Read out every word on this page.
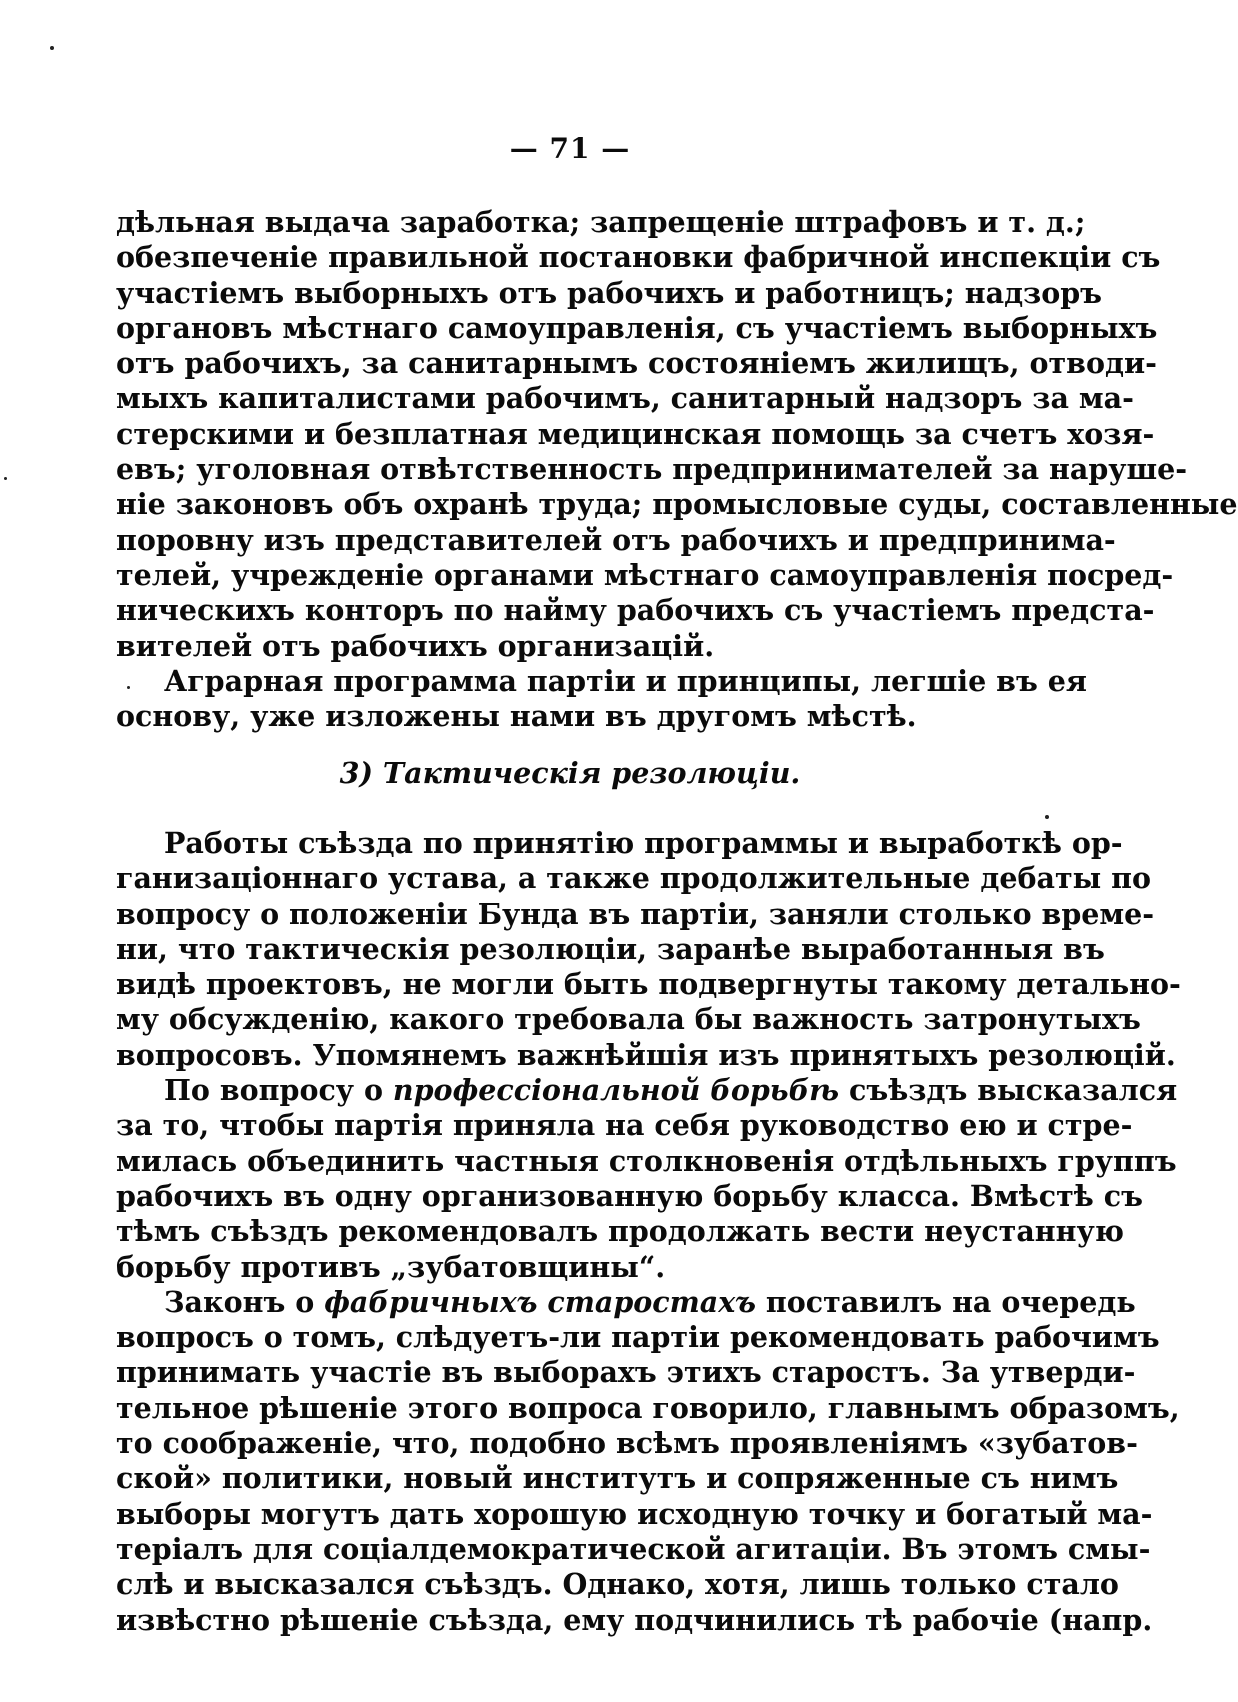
— 71 —
дѣльная выдача заработка; запрещеніе штрафовъ и т. д.;
обезпеченіе правильной постановки фабричной инспекціи съ
участіемъ выборныхъ отъ рабочихъ и работницъ; надзоръ
органовъ мѣстнаго самоуправленія, съ участіемъ выборныхъ
отъ рабочихъ, за санитарнымъ состояніемъ жилищъ, отводи-
мыхъ капиталистами рабочимъ, санитарный надзоръ за ма-
стерскими и безплатная медицинская помощь за счетъ хозя-
евъ; уголовная отвѣтственность предпринимателей за наруше-
ніе законовъ объ охранѣ труда; промысловые суды, составленные
поровну изъ представителей отъ рабочихъ и предпринима-
телей, учрежденіе органами мѣстнаго самоуправленія посред-
ническихъ конторъ по найму рабочихъ съ участіемъ предста-
вителей отъ рабочихъ организацій.
Аграрная программа партіи и принципы, легшіе въ ея
основу, уже изложены нами въ другомъ мѣстѣ.
3) Тактическія резолюціи.
Работы съѣзда по принятію программы и выработкѣ ор-
ганизаціоннаго устава, а также продолжительные дебаты по
вопросу о положеніи Бунда въ партіи, заняли столько време-
ни, что тактическія резолюціи, заранѣе выработанныя въ
видѣ проектовъ, не могли быть подвергнуты такому детально-
му обсужденію, какого требовала бы важность затронутыхъ
вопросовъ. Упомянемъ важнѣйшія изъ принятыхъ резолюцій.
По вопросу о профессіональной борьбѣ съѣздъ высказался
за то, чтобы партія приняла на себя руководство ею и стре-
милась объединить частныя столкновенія отдѣльныхъ группъ
рабочихъ въ одну организованную борьбу класса. Вмѣстѣ съ
тѣмъ съѣздъ рекомендовалъ продолжать вести неустанную
борьбу противъ „зубатовщины“.
Законъ о фабричныхъ старостахъ поставилъ на очередь
вопросъ о томъ, слѣдуетъ-ли партіи рекомендовать рабочимъ
принимать участіе въ выборахъ этихъ старостъ. За утверди-
тельное рѣшеніе этого вопроса говорило, главнымъ образомъ,
то соображеніе, что, подобно всѣмъ проявленіямъ «зубатов-
ской» политики, новый институтъ и сопряженные съ нимъ
выборы могутъ дать хорошую исходную точку и богатый ма-
теріалъ для соціалдемократической агитаціи. Въ этомъ смы-
слѣ и высказался съѣздъ. Однако, хотя, лишь только стало
извѣстно рѣшеніе съѣзда, ему подчинились тѣ рабочіе (напр.
